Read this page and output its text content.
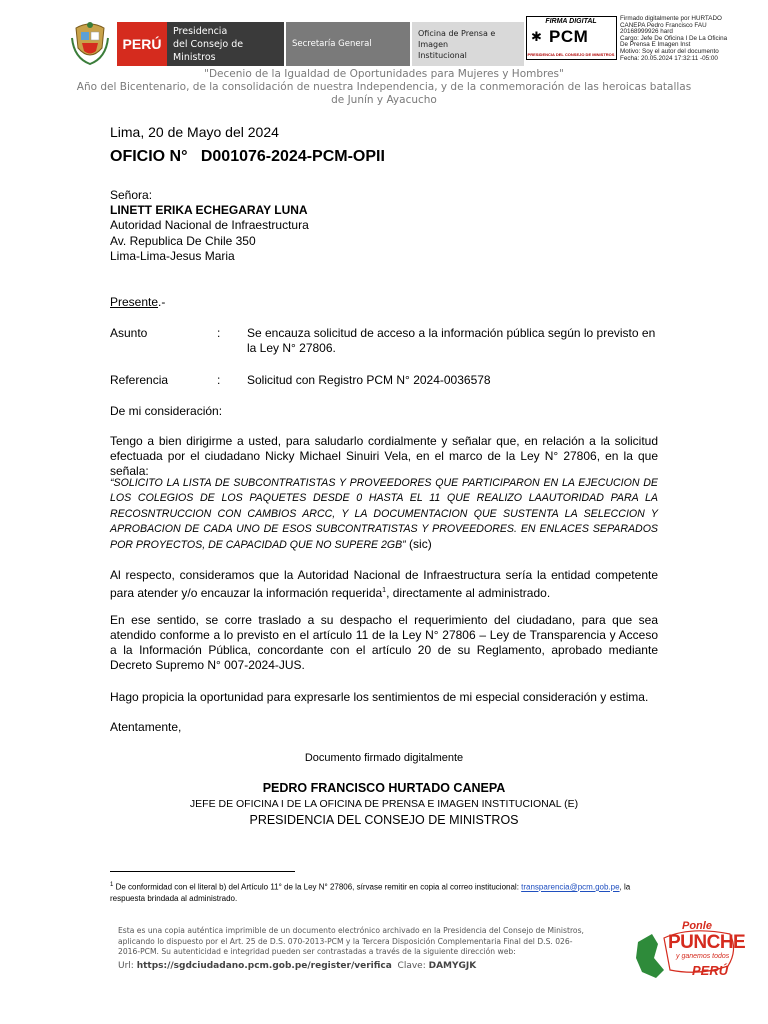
PERÚ
Presidencia
del Consejo de Ministros
Secretaría General
Oficina de Prensa e Imagen
Institucional
FIRMA DIGITAL
✱ PCM
PRESIDENCIA DEL CONSEJO DE MINISTROS
Firmado digitalmente por HURTADO
CANEPA Pedro Francisco FAU
20168999926 hard
Cargo: Jefe De Oficina I De La Oficina
De Prensa E Imagen Inst
Motivo: Soy el autor del documento
Fecha: 20.05.2024 17:32:11 -05:00
"Decenio de la Igualdad de Oportunidades para Mujeres y Hombres"
Año del Bicentenario, de la consolidación de nuestra Independencia, y de la conmemoración de las heroicas batallas
de Junín y Ayacucho
Lima, 20 de Mayo del 2024
OFICIO N°   D001076-2024-PCM-OPII
Señora:
LINETT ERIKA ECHEGARAY LUNA
Autoridad Nacional de Infraestructura
Av. Republica De Chile 350
Lima-Lima-Jesus Maria
Presente.-
Asunto	: Se encauza solicitud de acceso a la información pública según lo previsto en la Ley N° 27806.
Referencia	: Solicitud con Registro PCM N° 2024-0036578
De mi consideración:
Tengo a bien dirigirme a usted, para saludarlo cordialmente y señalar que, en relación a la solicitud efectuada por el ciudadano Nicky Michael Sinuiri Vela, en el marco de la Ley N° 27806, en la que señala:
“SOLICITO LA LISTA DE SUBCONTRATISTAS Y PROVEEDORES QUE PARTICIPARON EN LA EJECUCION DE LOS COLEGIOS DE LOS PAQUETES DESDE 0 HASTA EL 11 QUE REALIZO LAAUTORIDAD PARA LA RECOSNTRUCCION CON CAMBIOS ARCC, Y LA DOCUMENTACION QUE SUSTENTA LA SELECCION Y APROBACION DE CADA UNO DE ESOS SUBCONTRATISTAS Y PROVEEDORES. EN ENLACES SEPARADOS POR PROYECTOS, DE CAPACIDAD QUE NO SUPERE 2GB” (sic)
Al respecto, consideramos que la Autoridad Nacional de Infraestructura sería la entidad competente para atender y/o encauzar la información requerida$^1$, directamente al administrado.
En ese sentido, se corre traslado a su despacho el requerimiento del ciudadano, para que sea atendido conforme a lo previsto en el artículo 11 de la Ley N° 27806 – Ley de Transparencia y Acceso a la Información Pública, concordante con el artículo 20 de su Reglamento, aprobado mediante Decreto Supremo N° 007-2024-JUS.
Hago propicia la oportunidad para expresarle los sentimientos de mi especial consideración y estima.
Atentamente,
Documento firmado digitalmente
PEDRO FRANCISCO HURTADO CANEPA
JEFE DE OFICINA I DE LA OFICINA DE PRENSA E IMAGEN INSTITUCIONAL (E)
PRESIDENCIA DEL CONSEJO DE MINISTROS
$^1$ De conformidad con el literal b) del Artículo 11° de la Ley N° 27806, sírvase remitir en copia al correo institucional: transparencia@pcm.gob.pe, la respuesta brindada al administrado.
Esta es una copia auténtica imprimible de un documento electrónico archivado en la Presidencia del Consejo de Ministros, aplicando lo dispuesto por el Art. 25 de D.S. 070-2013-PCM y la Tercera Disposición Complementaria Final del D.S. 026-2016-PCM. Su autenticidad e integridad pueden ser contrastadas a través de la siguiente dirección web:
Url: https://sgdciudadano.pcm.gob.pe/register/verifica  Clave: DAMYGJK
Ponle
PUNCHE
y ganemos todos
PERÚ
